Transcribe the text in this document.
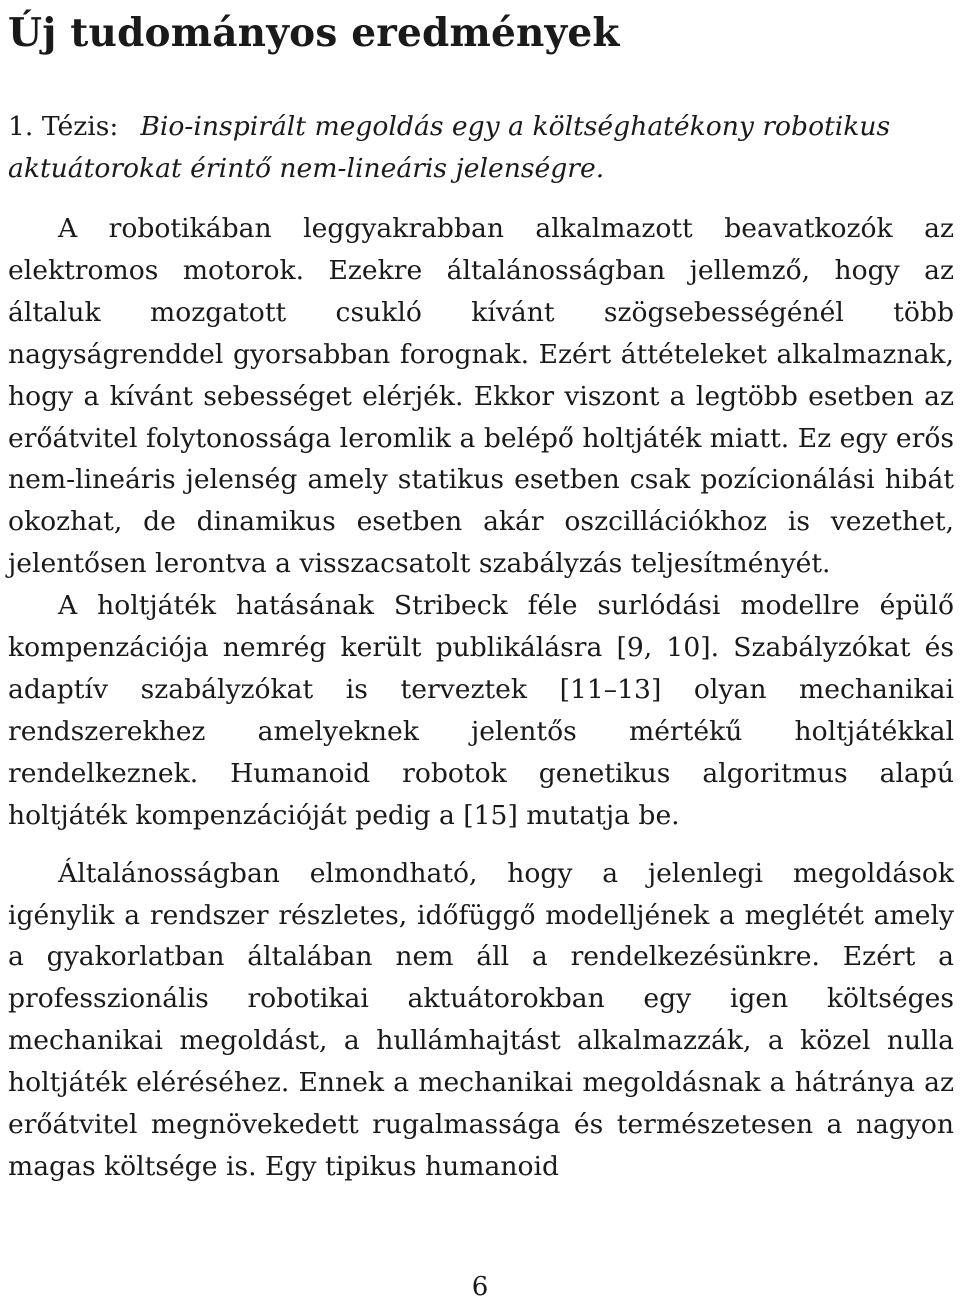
Új tudományos eredmények
1. Tézis: Bio-inspirált megoldás egy a költséghatékony robotikus aktuátorokat érintő nem-lineáris jelenségre.

A robotikában leggyakrabban alkalmazott beavatkozók az elektromos motorok. Ezekre általánosságban jellemző, hogy az általuk mozgatott csukló kívánt szögsebességénél több nagyságrenddel gyorsabban forognak. Ezért áttételeket alkalmaznak, hogy a kívánt sebességet elérjék. Ekkor viszont a legtöbb esetben az erőátvitel folytonossága leromlik a belépő holtjáték miatt. Ez egy erős nem-lineáris jelenség amely statikus esetben csak pozícionálási hibát okozhat, de dinamikus esetben akár oszcillációkhoz is vezethet, jelentősen lerontva a visszacsatolt szabályzás teljesítményét.

A holtjáték hatásának Stribeck féle surlódási modellre épülő kompenzációja nemrég került publikálásra [9, 10]. Szabályzókat és adaptív szabályzókat is terveztek [11–13] olyan mechanikai rendszerekhez amelyeknek jelentős mértékű holtjátékkal rendelkeznek. Humanoid robotok genetikus algoritmus alapú holtjáték kompenzációját pedig a [15] mutatja be.

Általánosságban elmondható, hogy a jelenlegi megoldások igénylik a rendszer részletes, időfüggő modelljének a meglétét amely a gyakorlatban általában nem áll a rendelkezésünkre. Ezért a professzionális robotikai aktuátorokban egy igen költséges mechanikai megoldást, a hullámhajtást alkalmazzák, a közel nulla holtjáték eléréséhez. Ennek a mechanikai megoldásnak a hátránya az erőátvitel megnövekedett rugalmassága és természetesen a nagyon magas költsége is. Egy tipikus humanoid

6
